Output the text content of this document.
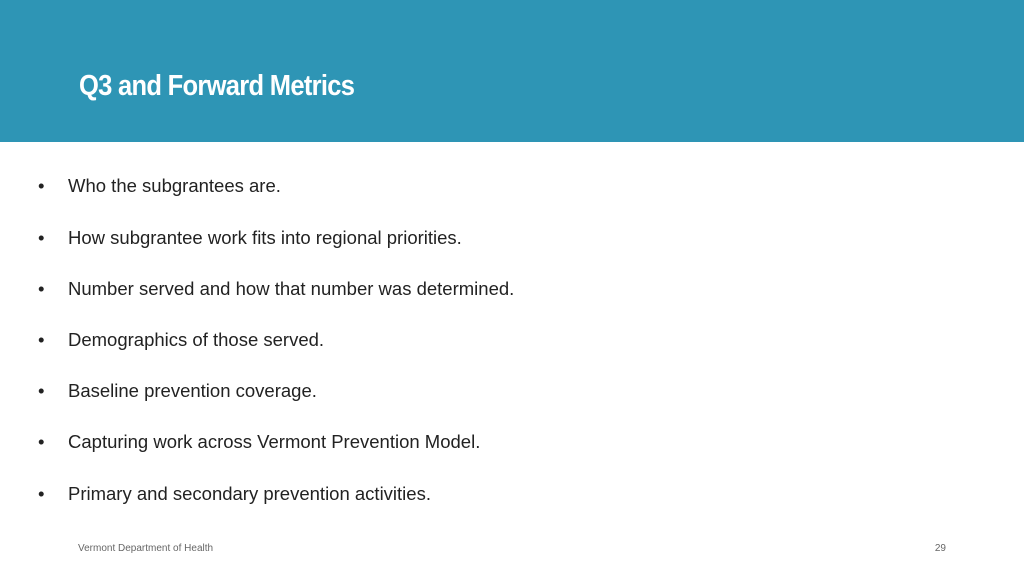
Q3 and Forward Metrics
• Who the subgrantees are.
• How subgrantee work fits into regional priorities.
• Number served and how that number was determined.
• Demographics of those served.
• Baseline prevention coverage.
• Capturing work across Vermont Prevention Model.
• Primary and secondary prevention activities.
Vermont Department of Health	29
